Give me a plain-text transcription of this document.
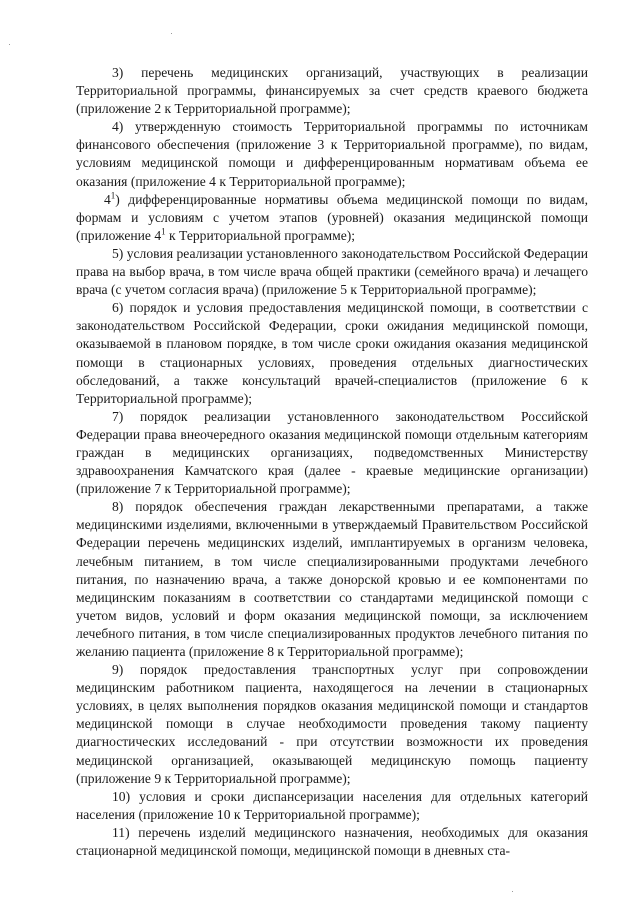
3) перечень медицинских организаций, участвующих в реализации Территориальной программы, финансируемых за счет средств краевого бюджета (приложение 2 к Территориальной программе);

4) утвержденную стоимость Территориальной программы по источникам финансового обеспечения (приложение 3 к Территориальной программе), по видам, условиям медицинской помощи и дифференцированным нормативам объема ее оказания (приложение 4 к Территориальной программе);

$4^1$) дифференцированные нормативы объема медицинской помощи по видам, формам и условиям с учетом этапов (уровней) оказания медицинской помощи (приложение $4^1$ к Территориальной программе);

5) условия реализации установленного законодательством Российской Федерации права на выбор врача, в том числе врача общей практики (семейного врача) и лечащего врача (с учетом согласия врача) (приложение 5 к Территориальной программе);

6) порядок и условия предоставления медицинской помощи, в соответствии с законодательством Российской Федерации, сроки ожидания медицинской помощи, оказываемой в плановом порядке, в том числе сроки ожидания оказания медицинской помощи в стационарных условиях, проведения отдельных диагностических обследований, а также консультаций врачей-специалистов (приложение 6 к Территориальной программе);

7) порядок реализации установленного законодательством Российской Федерации права внеочередного оказания медицинской помощи отдельным категориям граждан в медицинских организациях, подведомственных Министерству здравоохранения Камчатского края (далее - краевые медицинские организации) (приложение 7 к Территориальной программе);

8) порядок обеспечения граждан лекарственными препаратами, а также медицинскими изделиями, включенными в утверждаемый Правительством Российской Федерации перечень медицинских изделий, имплантируемых в организм человека, лечебным питанием, в том числе специализированными продуктами лечебного питания, по назначению врача, а также донорской кровью и ее компонентами по медицинским показаниям в соответствии со стандартами медицинской помощи с учетом видов, условий и форм оказания медицинской помощи, за исключением лечебного питания, в том числе специализированных продуктов лечебного питания по желанию пациента (приложение 8 к Территориальной программе);

9) порядок предоставления транспортных услуг при сопровождении медицинским работником пациента, находящегося на лечении в стационарных условиях, в целях выполнения порядков оказания медицинской помощи и стандартов медицинской помощи в случае необходимости проведения такому пациенту диагностических исследований - при отсутствии возможности их проведения медицинской организацией, оказывающей медицинскую помощь пациенту (приложение 9 к Территориальной программе);

10) условия и сроки диспансеризации населения для отдельных категорий населения (приложение 10 к Территориальной программе);

11) перечень изделий медицинского назначения, необходимых для оказания стационарной медицинской помощи, медицинской помощи в дневных ста-
